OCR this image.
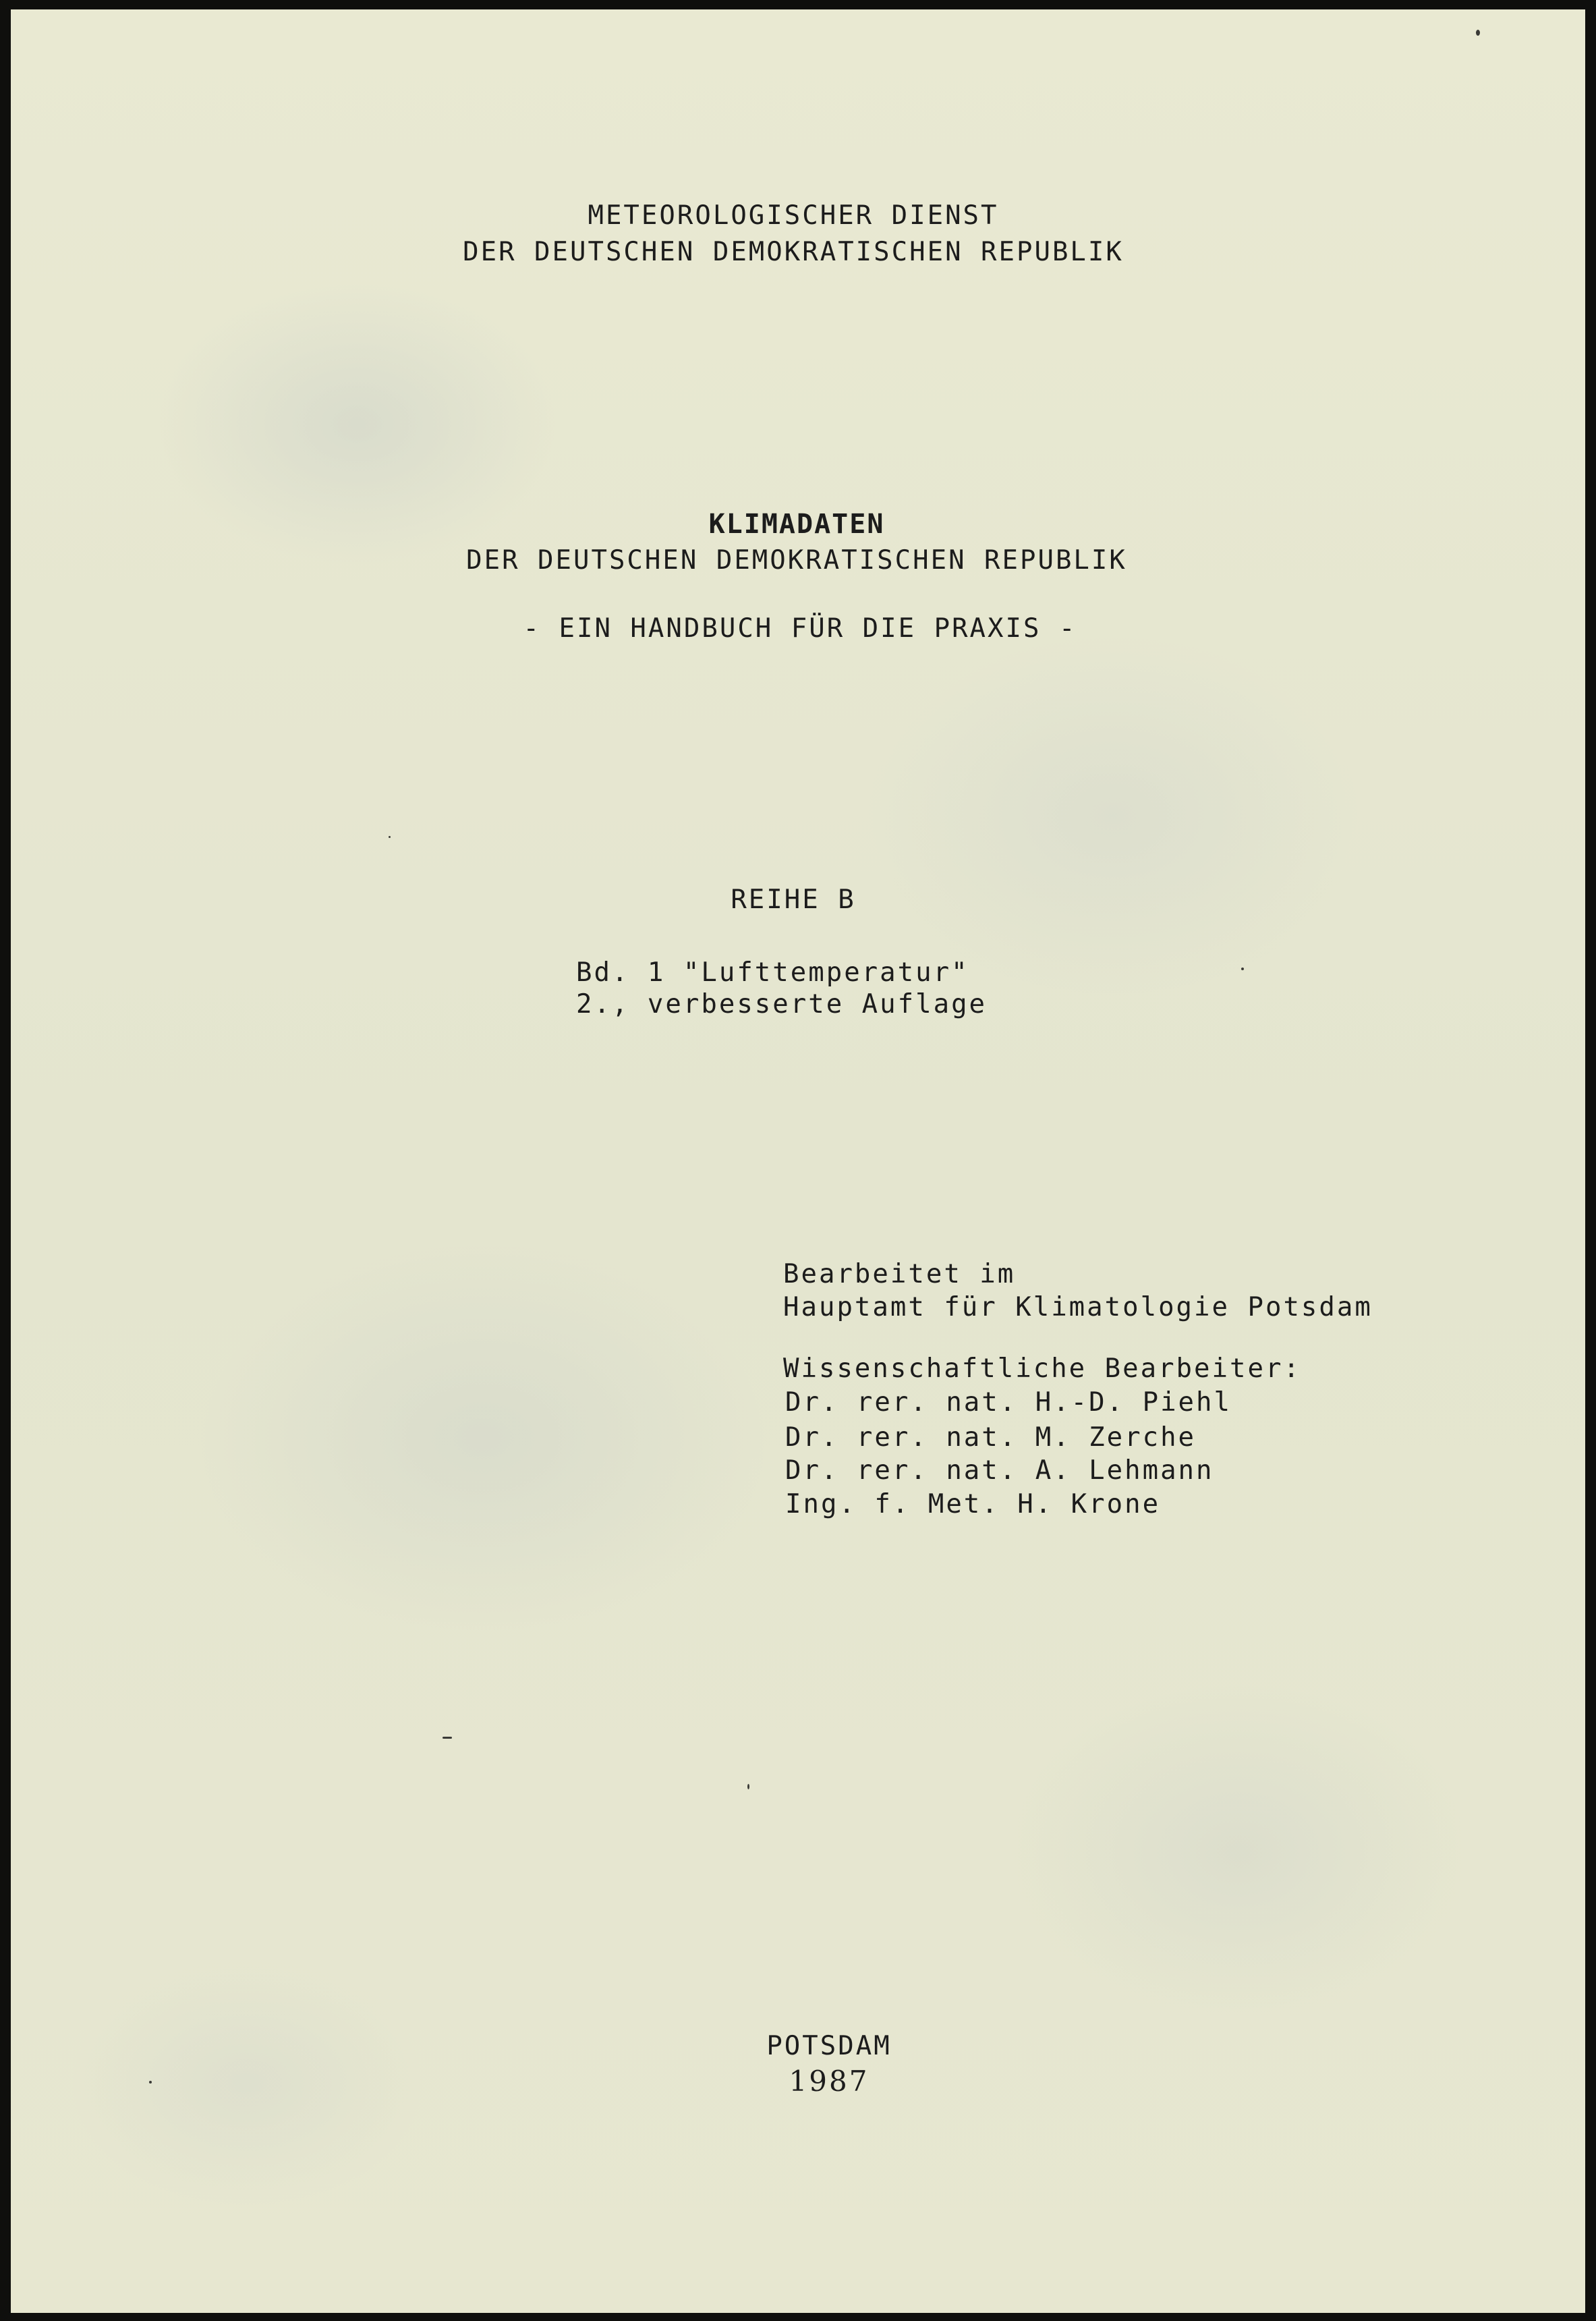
METEOROLOGISCHER DIENST
DER DEUTSCHEN DEMOKRATISCHEN REPUBLIK
KLIMADATEN
DER DEUTSCHEN DEMOKRATISCHEN REPUBLIK
- EIN HANDBUCH FÜR DIE PRAXIS -
REIHE B
Bd. 1 "Lufttemperatur"
2., verbesserte Auflage
Bearbeitet im
Hauptamt für Klimatologie Potsdam
Wissenschaftliche Bearbeiter:
Dr. rer. nat. H.-D. Piehl
Dr. rer. nat. M. Zerche
Dr. rer. nat. A. Lehmann
Ing. f. Met. H. Krone
POTSDAM
1987
